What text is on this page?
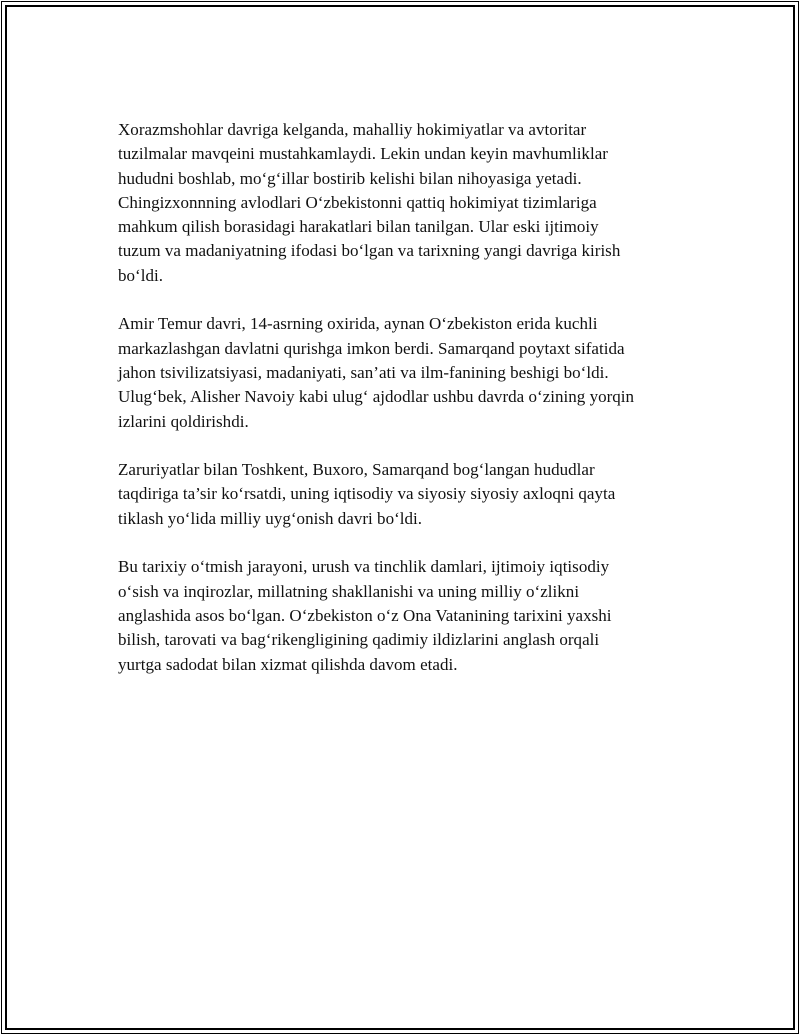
Xorazmshohlar davriga kelganda, mahalliy hokimiyatlar va avtoritar
tuzilmalar mavqeini mustahkamlaydi. Lekin undan keyin mavhumliklar
hududni boshlab, mo‘g‘illar bostirib kelishi bilan nihoyasiga yetadi.
Chingizxonnning avlodlari O‘zbekistonni qattiq hokimiyat tizimlariga
mahkum qilish borasidagi harakatlari bilan tanilgan. Ular eski ijtimoiy
tuzum va madaniyatning ifodasi bo‘lgan va tarixning yangi davriga kirish
bo‘ldi.

Amir Temur davri, 14-asrning oxirida, aynan O‘zbekiston erida kuchli
markazlashgan davlatni qurishga imkon berdi. Samarqand poytaxt sifatida
jahon tsivilizatsiyasi, madaniyati, san’ati va ilm-fanining beshigi bo‘ldi.
Ulug‘bek, Alisher Navoiy kabi ulug‘ ajdodlar ushbu davrda o‘zining yorqin
izlarini qoldirishdi.

Zaruriyatlar bilan Toshkent, Buxoro, Samarqand bog‘langan hududlar
taqdiriga ta’sir ko‘rsatdi, uning iqtisodiy va siyosiy siyosiy axloqni qayta
tiklash yo‘lida milliy uyg‘onish davri bo‘ldi.

Bu tarixiy o‘tmish jarayoni, urush va tinchlik damlari, ijtimoiy iqtisodiy
o‘sish va inqirozlar, millatning shakllanishi va uning milliy o‘zlikni
anglashida asos bo‘lgan. O‘zbekiston o‘z Ona Vatanining tarixini yaxshi
bilish, tarovati va bag‘rikengligining qadimiy ildizlarini anglash orqali
yurtga sadodat bilan xizmat qilishda davom etadi.
